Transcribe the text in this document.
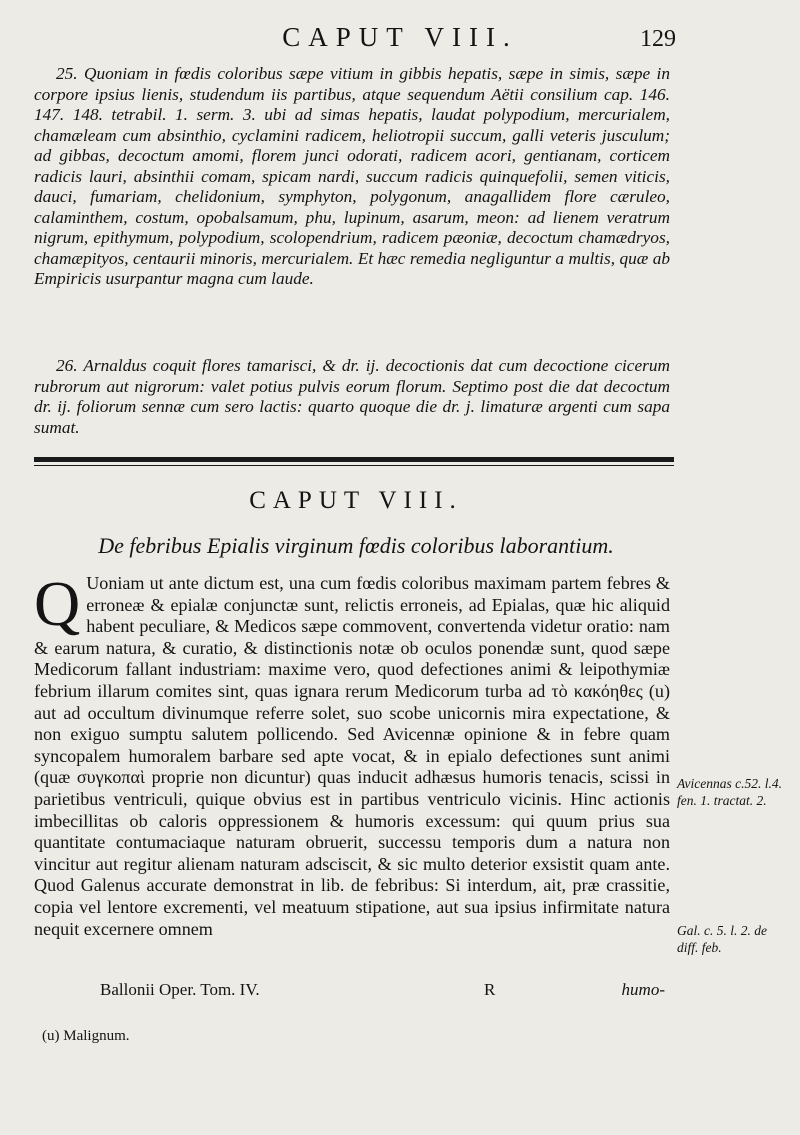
CAPUT VIII.	129

25. Quoniam in fœdis coloribus sæpe vitium in gibbis hepatis, sæpe in simis, sæpe in corpore ipsius lienis, studendum iis partibus, atque sequendum Aëtii consilium cap. 146. 147. 148. tetrabil. 1. serm. 3. ubi ad simas hepatis, laudat polypodium, mercurialem, chamæleam cum absinthio, cyclamini radicem, heliotropii succum, galli veteris jusculum; ad gibbas, decoctum amomi, florem junci odorati, radicem acori, gentianam, corticem radicis lauri, absinthii comam, spicam nardi, succum radicis quinquefolii, semen viticis, dauci, fumariam, chelidonium, symphyton, polygonum, anagallidem flore cæruleo, calaminthem, costum, opobalsamum, phu, lupinum, asarum, meon: ad lienem veratrum nigrum, epithymum, polypodium, scolopendrium, radicem pæoniæ, decoctum chamædryos, chamæpityos, centaurii minoris, mercurialem. Et hæc remedia negliguntur a multis, quæ ab Empiricis usurpantur magna cum laude.

26. Arnaldus coquit flores tamarisci, & dr. ij. decoctionis dat cum decoctione cicerum rubrorum aut nigrorum: valet potius pulvis eorum florum. Septimo post die dat decoctum dr. ij. foliorum sennæ cum sero lactis: quarto quoque die dr. j. limaturæ argenti cum sapa sumat.

CAPUT VIII.
De febribus Epialis virginum fœdis coloribus laborantium.

Q Uoniam ut ante dictum est, una cum fœdis coloribus maximam partem febres & erroneæ & epialæ conjunctæ sunt, relictis erroneis, ad Epialas, quæ hic aliquid habent peculiare, & Medicos sæpe commovent, convertenda videtur oratio: nam & earum natura, & curatio, & distinctionis notæ ob oculos ponendæ sunt, quod sæpe Medicorum fallant industriam: maxime vero, quod defectiones animi & leipothymiæ febrium illarum comites sint, quas ignara rerum Medicorum turba ad τὸ κακόηθες (u) aut ad occultum divinumque referre solet, suo scobe unicornis mira expectatione, & non exiguo sumptu salutem pollicendo. Sed Avicennæ opinione & in febre quam syncopalem humoralem barbare sed apte vocat, & in epialo defectiones sunt animi (quæ συγκοπαὶ proprie non dicuntur) quas inducit adhæsus humoris tenacis, scissi in parietibus ventriculi, quique obvius est in partibus ventriculo vicinis. Hinc actionis imbecillitas ob caloris oppressionem & humoris excessum: qui quum prius sua quantitate contumaciaque naturam obruerit, successu temporis dum a natura non vincitur aut regitur alienam naturam adsciscit, & sic multo deterior exsistit quam ante. Quod Galenus accurate demonstrat in lib. de febribus: Si interdum, ait, præ crassitie, copia vel lentore excrementi, vel meatuum stipatione, aut sua ipsius infirmitate natura nequit excernere omnem

Avicennas c.52. l.4. fen. 1. tractat. 2.
Gal. c. 5. l. 2. de diff. feb.
Ballonii Oper. Tom. IV.	R	humo-
(u) Malignum.
